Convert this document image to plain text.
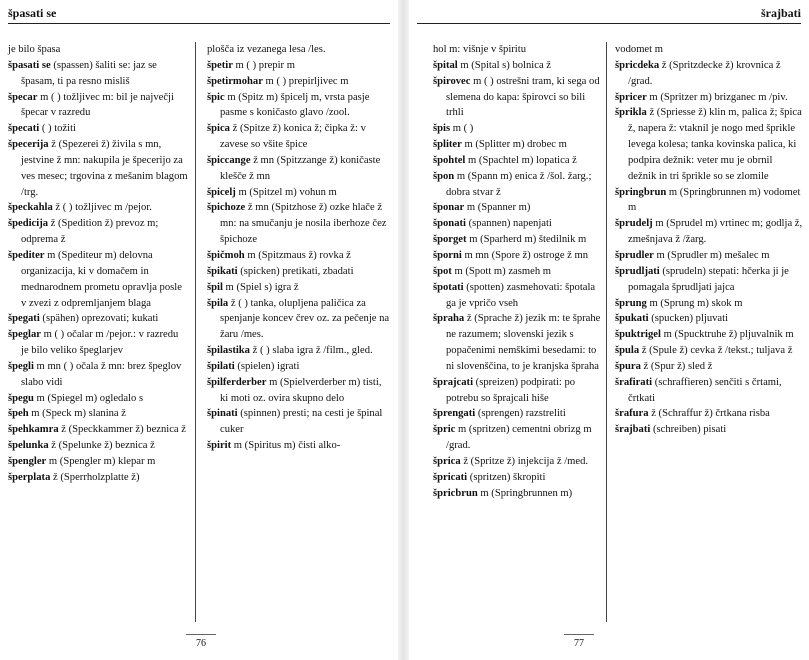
špasati se
je bilo špasa
špasati se (spassen) šaliti se: jaz se špasam, ti pa resno misliš
špecar m ( ) tožljivec m: bil je največji špecar v razredu
špecati ( ) tožiti
špecerija ž (Spezerei ž) živila s mn, jestvine ž mn: nakupila je špecerijo za ves mesec; trgovina z mešanim blagom /trg.
špeckahla ž ( ) tožljivec m /pejor.
špedicija ž (Spedition ž) prevoz m; odpremа ž
špediter m (Spediteur m) delovna organizacija, ki v domačem in mednarodnem prometu opravlja posle v zvezi z odpremljanjem blaga
špegati (spähen) oprezovati; kukati
špeglar m ( ) očalar m /pejor.: v razredu je bilo veliko špeglarjev
špegli m mn ( ) očala ž mn: brez špeglov slabo vidi
špegu m (Spiegel m) ogledalo s
špeh m (Speck m) slanina ž
špehkamra ž (Speckkammer ž) beznica ž
špelunka ž (Spelunke ž) beznica ž
špengler m (Spengler m) klepar m
šperplata ž (Sperrholzplatte ž)
plošča iz vezanega lesa /les.
špetir m ( ) prepir m
špetirmohar m ( ) prepirljivec m
špic m (Spitz m) špicelj m, vrsta pasje pasme s koničasto glavo /zool.
špica ž (Spitze ž) konica ž; čipka ž: v zavese so všite špice
špiccange ž mn (Spitzzange ž) koničaste klešče ž mn
špicelj m (Spitzel m) vohun m
špichoze ž mn (Spitzhose ž) ozke hlače ž mn: na smučanju je nosila iberhoze čez špichoze
špičmoh m (Spitzmaus ž) rovka ž
špikati (spicken) pretikati, zbadati
špil m (Spiel s) igra ž
špila ž ( ) tanka, olupljena paličica za spenjanje koncev črev oz. za pečenje na žaru /mes.
špilastika ž ( ) slaba igra ž /film., gled.
špilati (spielen) igrati
špilferderber m (Spielverderber m) tisti, ki moti oz. ovira skupno delo
špinati (spinnen) presti; na cesti je špinal cuker
špirit m (Spiritus m) čisti alko-
76
šrajbati
hol m: višnje v špiritu
špital m (Spital s) bolnica ž
špirovec m ( ) ostrešni tram, ki sega od slemena do kapa: špirovci so bili trhli
špis m ( )
špliter m (Splitter m) drobec m
špohtel m (Spachtel m) lopatica ž
špon m (Spann m) enica ž /šol. žarg.; dobra stvar ž
šponar m (Spanner m)
šponati (spannen) napenjati
šporget m (Sparherd m) štedilnik m
šporni m mn (Spore ž) ostroge ž mn
špot m (Spott m) zasmeh m
špotati (spotten) zasmehovati: špotala ga je vpričo vseh
špraha ž (Sprache ž) jezik m: te šprahe ne razumem; slovenski jezik s popačenimi nemškimi besedami: to ni slovenščina, to je kranjska špraha
šprajcati (spreizen) podpirati: po potrebu so šprajcali hiše
šprengati (sprengen) razstreliti
špric m (spritzen) cementni obrizg m /grad.
šprica ž (Spritze ž) injekcija ž /med.
špricati (spritzen) škropiti
špricbrun m (Springbrunnen m)
vodomet m
špricdeka ž (Spritzdecke ž) krovnica ž /grad.
špricer m (Spritzer m) brizganec m /piv.
šprikla ž (Spriesse ž) klin m, palica ž; špica ž, napera ž: vtaknil je nogo med šprikle levega kolesa; tanka kovinska palica, ki podpira dežnik: veter mu je obrnil dežnik in tri šprikle so se zlomile
špringbrun m (Springbrunnen m) vodomet m
šprudelj m (Sprudel m) vrtinec m; godlja ž, zmešnjava ž /žarg.
šprudler m (Sprudler m) mešalec m
šprudljati (sprudeln) stepati: hčerka ji je pomagala šprudljati jajca
šprung m (Sprung m) skok m
špukati (spucken) pljuvati
špuktrigel m (Spucktruhe ž) pljuvalnik m
špula ž (Spule ž) cevka ž /tekst.; tuljava ž
špura ž (Spur ž) sled ž
šrafirati (schraffieren) senčiti s črtami, črtkati
šrafura ž (Schraffur ž) črtkana risba
šrajbati (schreiben) pisati
77
